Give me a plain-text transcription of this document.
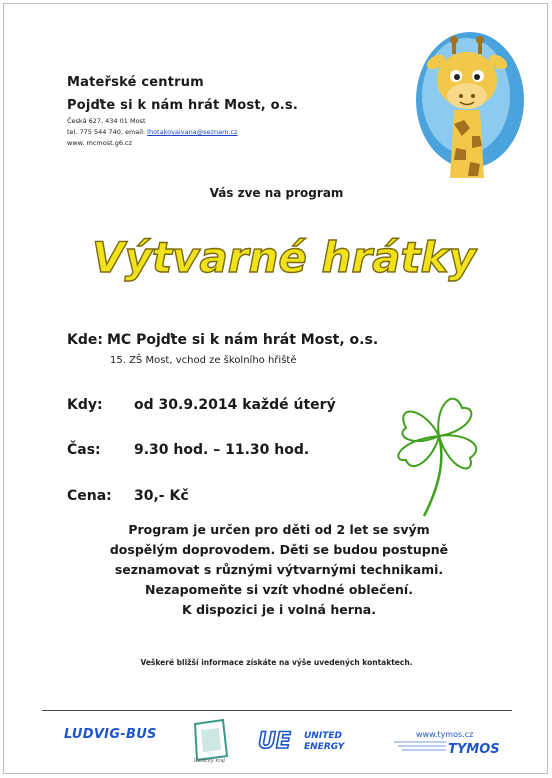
Mateřské centrum
Pojďte si k nám hrát Most, o.s.
Česká 627, 434 01 Most
tel. 775 544 740, email: lhotakovaivana@seznam.cz
www. mcmost.g6.cz
Vás zve na program
Výtvarné hrátky
Kde: MC Pojďte si k nám hrát Most, o.s.
15. ZŠ Most, vchod ze školního hřiště
Kdy: od 30.9.2014 každé úterý
Čas: 9.30 hod. – 11.30 hod.
Cena: 30,- Kč
Program je určen pro děti od 2 let se svým
dospělým doprovodem. Děti se budou postupně
seznamovat s různými výtvarnými technikami.
Nezapomeňte si vzít vhodné oblečení.
K dispozici je i volná herna.
Veškeré bližší informace získáte na výše uvedených kontaktech.
LUDVIG-BUS
Ústecký kraj
UE UNITED
ENERGY
www.tymos.cz
TYMOS
